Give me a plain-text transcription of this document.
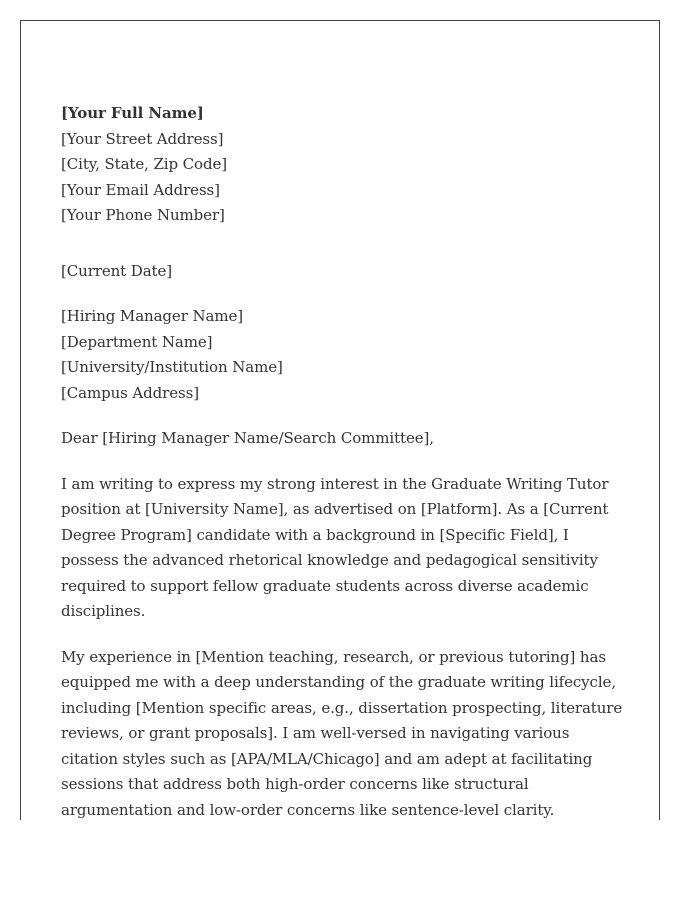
[Your Full Name]
[Your Street Address]
[City, State, Zip Code]
[Your Email Address]
[Your Phone Number]
[Current Date]
[Hiring Manager Name]
[Department Name]
[University/Institution Name]
[Campus Address]
Dear [Hiring Manager Name/Search Committee],

I am writing to express my strong interest in the Graduate Writing Tutor position at [University Name], as advertised on [Platform]. As a [Current Degree Program] candidate with a background in [Specific Field], I possess the advanced rhetorical knowledge and pedagogical sensitivity required to support fellow graduate students across diverse academic disciplines.

My experience in [Mention teaching, research, or previous tutoring] has equipped me with a deep understanding of the graduate writing lifecycle, including [Mention specific areas, e.g., dissertation prospecting, literature reviews, or grant proposals]. I am well-versed in navigating various citation styles such as [APA/MLA/Chicago] and am adept at facilitating sessions that address both high-order concerns like structural argumentation and low-order concerns like sentence-level clarity.
